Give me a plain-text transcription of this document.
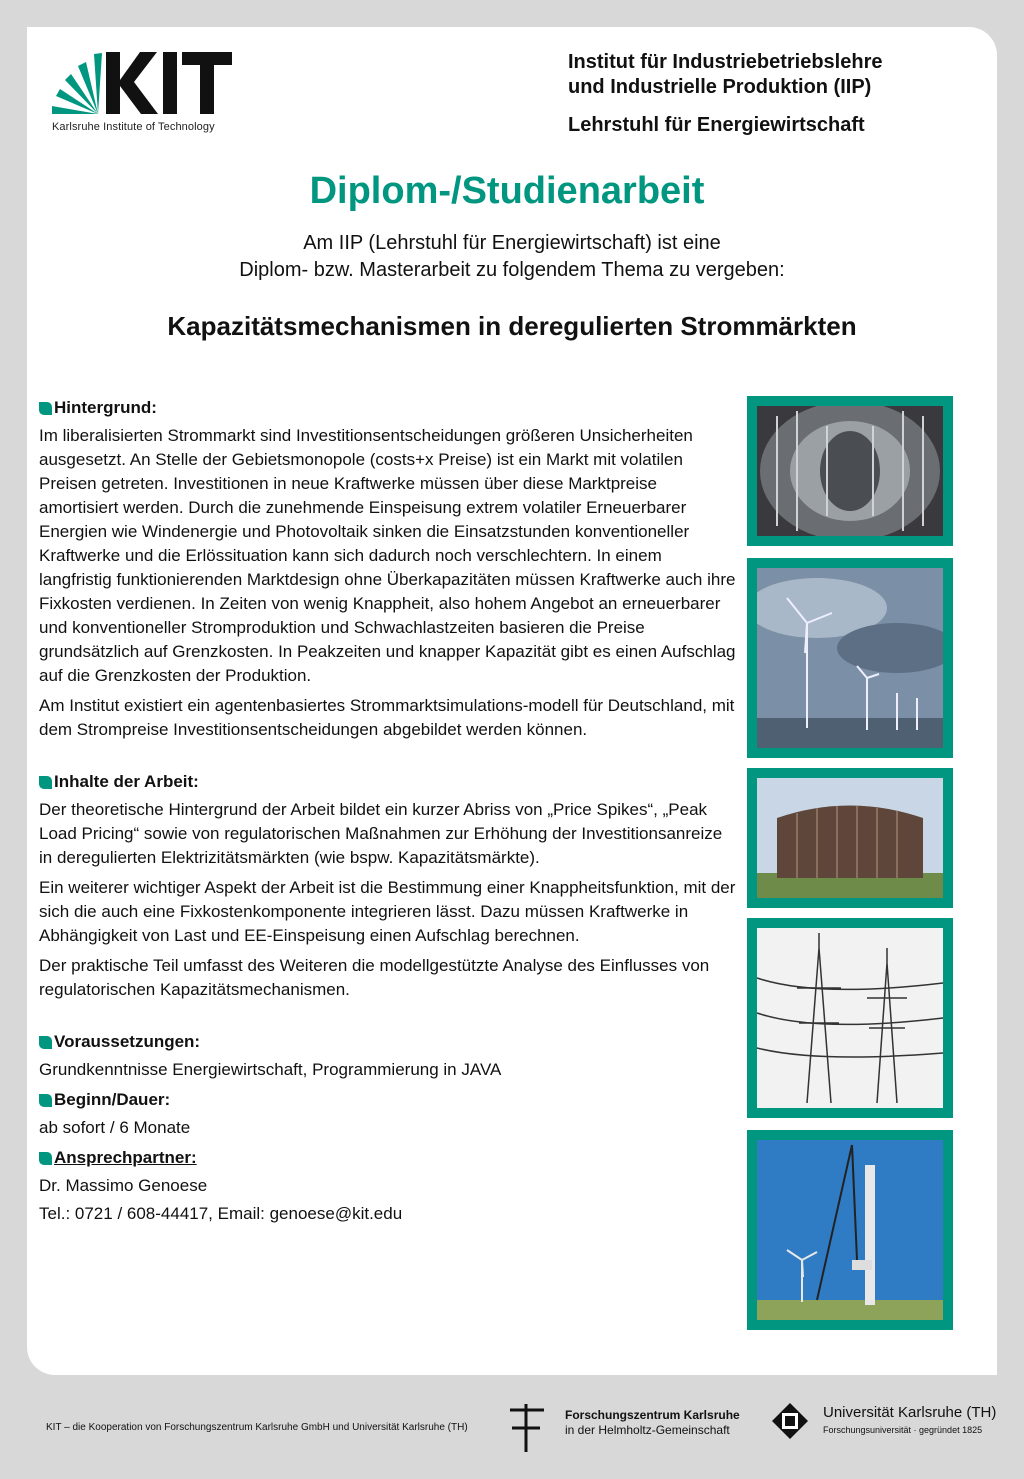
Karlsruhe Institute of Technology
Institut für Industriebetriebslehre
und Industrielle Produktion (IIP)
Lehrstuhl für Energiewirtschaft
Diplom-/Studienarbeit
Am IIP (Lehrstuhl für Energiewirtschaft) ist eine
Diplom- bzw. Masterarbeit zu folgendem Thema zu vergeben:
Kapazitätsmechanismen in deregulierten Strommärkten
Hintergrund:
Im liberalisierten Strommarkt sind Investitionsentscheidungen größeren Unsicherheiten ausgesetzt. An Stelle der Gebietsmonopole (costs+x Preise) ist ein Markt mit volatilen Preisen getreten. Investitionen in neue Kraftwerke müssen über diese Marktpreise amortisiert werden. Durch die zunehmende Einspeisung extrem volatiler Erneuerbarer Energien wie Windenergie und Photovoltaik sinken die Einsatzstunden konventioneller Kraftwerke und die Erlössituation kann sich dadurch noch verschlechtern. In einem langfristig funktionierenden Marktdesign ohne Überkapazitäten müssen Kraftwerke auch ihre Fixkosten verdienen. In Zeiten von wenig Knappheit, also hohem Angebot an erneuerbarer und konventioneller Stromproduktion und Schwachlastzeiten basieren die Preise grundsätzlich auf Grenzkosten. In Peakzeiten und knapper Kapazität gibt es einen Aufschlag auf die Grenzkosten der Produktion.
Am Institut existiert ein agentenbasiertes Strommarktsimulations-modell für Deutschland, mit dem Strompreise Investitionsentscheidungen abgebildet werden können.
Inhalte der Arbeit:
Der theoretische Hintergrund der Arbeit bildet ein kurzer Abriss von „Price Spikes“, „Peak Load Pricing“ sowie von regulatorischen Maßnahmen zur Erhöhung der Investitionsanreize in deregulierten Elektrizitätsmärkten (wie bspw. Kapazitätsmärkte).
Ein weiterer wichtiger Aspekt der Arbeit ist die Bestimmung einer Knappheitsfunktion, mit der sich die auch eine Fixkostenkomponente integrieren lässt. Dazu müssen Kraftwerke in Abhängigkeit von Last und EE-Einspeisung einen Aufschlag berechnen.
Der praktische Teil umfasst des Weiteren die modellgestützte Analyse des Einflusses von regulatorischen Kapazitätsmechanismen.
Voraussetzungen:
Grundkenntnisse Energiewirtschaft, Programmierung in JAVA
Beginn/Dauer:
ab sofort / 6 Monate
Ansprechpartner:
Dr. Massimo Genoese
Tel.: 0721 / 608-44417, Email: genoese@kit.edu
KIT – die Kooperation von Forschungszentrum Karlsruhe GmbH und Universität Karlsruhe (TH)
Forschungszentrum Karlsruhe
in der Helmholtz-Gemeinschaft
Universität Karlsruhe (TH)
Forschungsuniversität · gegründet 1825
